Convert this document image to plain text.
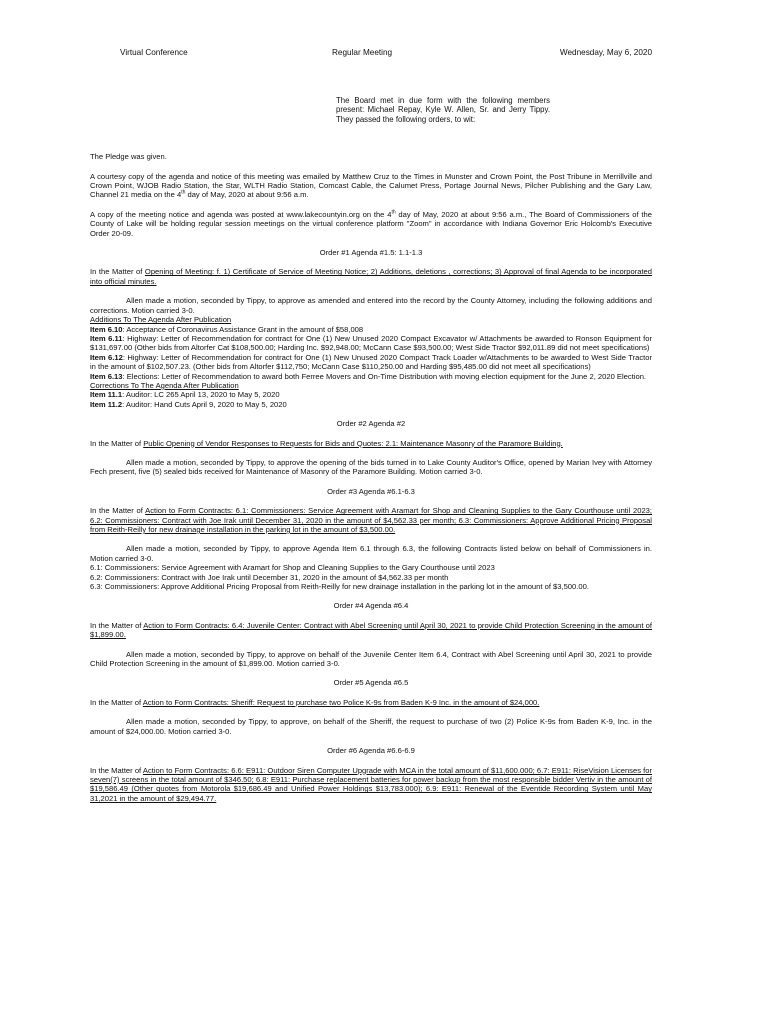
Virtual Conference	Regular Meeting	Wednesday, May 6, 2020

The Board met in due form with the following members present: Michael Repay, Kyle W. Allen, Sr. and Jerry Tippy. They passed the following orders, to wit:

The Pledge was given.

A courtesy copy of the agenda and notice of this meeting was emailed by Matthew Cruz to the Times in Munster and Crown Point, the Post Tribune in Merrillville and Crown Point, WJOB Radio Station, the Star, WLTH Radio Station, Comcast Cable, the Calumet Press, Portage Journal News, Pilcher Publishing and the Gary Law, Channel 21 media on the 4th day of May, 2020 at about 9:56 a.m.

A copy of the meeting notice and agenda was posted at www.lakecountyin.org on the 4th day of May, 2020 at about 9:56 a.m., The Board of Commissioners of the County of Lake will be holding regular session meetings on the virtual conference platform "Zoom" in accordance with Indiana Governor Eric Holcomb's Executive Order 20-09.

Order #1 Agenda #1.5: 1.1-1.3

In the Matter of Opening of Meeting: f. 1) Certificate of Service of Meeting Notice; 2) Additions, deletions , corrections; 3) Approval of final Agenda to be incorporated into official minutes.

Allen made a motion, seconded by Tippy, to approve as amended and entered into the record by the County Attorney, including the following additions and corrections. Motion carried 3-0.

Additions To The Agenda After Publication

Item 6.10: Acceptance of Coronavirus Assistance Grant in the amount of $58,008

Item 6.11: Highway: Letter of Recommendation for contract for One (1) New Unused 2020 Compact Excavator w/ Attachments be awarded to Ronson Equipment for $131,697.00 (Other bids from Altorfer Cat $108,500.00; Harding Inc. $92,948.00; McCann Case $93,500.00; West Side Tractor $92,011.89 did not meet specifications)

Item 6.12: Highway: Letter of Recommendation for contract for One (1) New Unused 2020 Compact Track Loader w/Attachments to be awarded to West Side Tractor in the amount of $102,507.23. (Other bids from Altorfer $112,750; McCann Case $110,250.00 and Harding $95,485.00 did not meet all specifications)

Item 6.13: Elections: Letter of Recommendation to award both Ferree Movers and On-Time Distribution with moving election equipment for the June 2, 2020 Election.

Corrections To The Agenda After Publication

Item 11.1: Auditor: LC 265 April 13, 2020 to May 5, 2020

Item 11.2: Auditor: Hand Cuts April 9, 2020 to May 5, 2020

Order #2 Agenda #2

In the Matter of Public Opening of Vendor Responses to Requests for Bids and Quotes: 2.1: Maintenance Masonry of the Paramore Building.

Allen made a motion, seconded by Tippy, to approve the opening of the bids turned in to Lake County Auditor's Office, opened by Marian Ivey with Attorney Fech present, five (5) sealed bids received for Maintenance of Masonry of the Paramore Building. Motion carried 3-0.

Order #3 Agenda #6.1-6.3

In the Matter of Action to Form Contracts: 6.1: Commissioners: Service Agreement with Aramart for Shop and Cleaning Supplies to the Gary Courthouse until 2023; 6.2: Commissioners: Contract with Joe Irak until December 31, 2020 in the amount of $4,562.33 per month; 6.3: Commissioners: Approve Additional Pricing Proposal from Reith-Reilly for new drainage installation in the parking lot in the amount of $3,500.00.

Allen made a motion, seconded by Tippy, to approve Agenda Item 6.1 through 6.3, the following Contracts listed below on behalf of Commissioners in. Motion carried 3-0.

6.1: Commissioners: Service Agreement with Aramart for Shop and Cleaning Supplies to the Gary Courthouse until 2023

6.2: Commissioners: Contract with Joe Irak until December 31, 2020 in the amount of $4,562.33 per month

6.3: Commissioners: Approve Additional Pricing Proposal from Reith-Reilly for new drainage installation in the parking lot in the amount of $3,500.00.

Order #4 Agenda #6.4

In the Matter of Action to Form Contracts: 6.4: Juvenile Center: Contract with Abel Screening until April 30, 2021 to provide Child Protection Screening in the amount of $1,899.00.

Allen made a motion, seconded by Tippy, to approve on behalf of the Juvenile Center Item 6.4, Contract with Abel Screening until April 30, 2021 to provide Child Protection Screening in the amount of $1,899.00. Motion carried 3-0.

Order #5 Agenda #6.5

In the Matter of Action to Form Contracts: Sheriff: Request to purchase two Police K-9s from Baden K-9 Inc. in the amount of $24,000.

Allen made a motion, seconded by Tippy, to approve, on behalf of the Sheriff, the request to purchase of two (2) Police K-9s from Baden K-9, Inc. in the amount of $24,000.00. Motion carried 3-0.

Order #6 Agenda #6.6-6.9

In the Matter of Action to Form Contracts: 6.6: E911: Outdoor Siren Computer Upgrade with MCA in the total amount of $11,600.000; 6.7: E911: RiseVision Licenses for seven(7) screens in the total amount of $346.50; 6.8: E911: Purchase replacement batteries for power backup from the most responsible bidder Vertiv in the amount of $19,586.49 (Other quotes from Motorola $19,686.49 and Unified Power Holdings $13,783.000); 6.9: E911: Renewal of the Eventide Recording System until May 31,2021 in the amount of $29,494.77.
